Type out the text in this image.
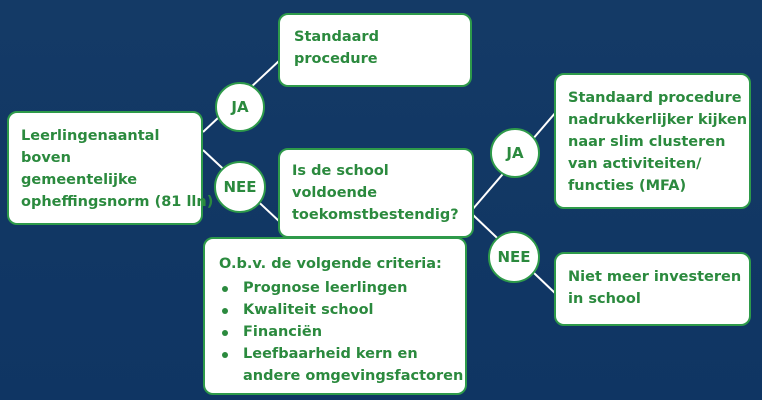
Leerlingenaantal
boven
gemeentelijke
opheffingsnorm (81 lln)
Standaard
procedure
Is de school
voldoende
toekomstbestendig?
O.b.v. de volgende criteria:
Prognose leerlingen
Kwaliteit school
Financiën
Leefbaarheid kern en
andere omgevingsfactoren
Standaard procedure
nadrukkerlijker kijken
naar slim clusteren
van activiteiten/
functies (MFA)
Niet meer investeren
in school
JA
NEE
JA
NEE
